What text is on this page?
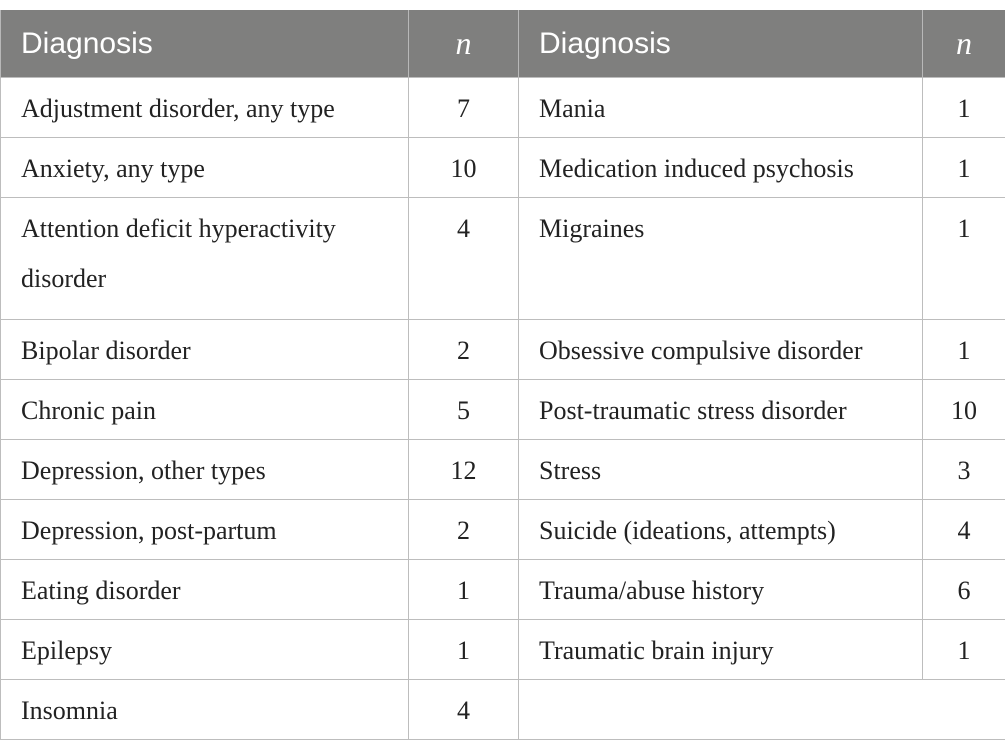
Diagnosis	n	Diagnosis	n
Adjustment disorder, any type	7	Mania	1
Anxiety, any type	10	Medication induced psychosis	1
Attention deficit hyperactivity disorder	4	Migraines	1
Bipolar disorder	2	Obsessive compulsive disorder	1
Chronic pain	5	Post-traumatic stress disorder	10
Depression, other types	12	Stress	3
Depression, post-partum	2	Suicide (ideations, attempts)	4
Eating disorder	1	Trauma/abuse history	6
Epilepsy	1	Traumatic brain injury	1
Insomnia	4		
